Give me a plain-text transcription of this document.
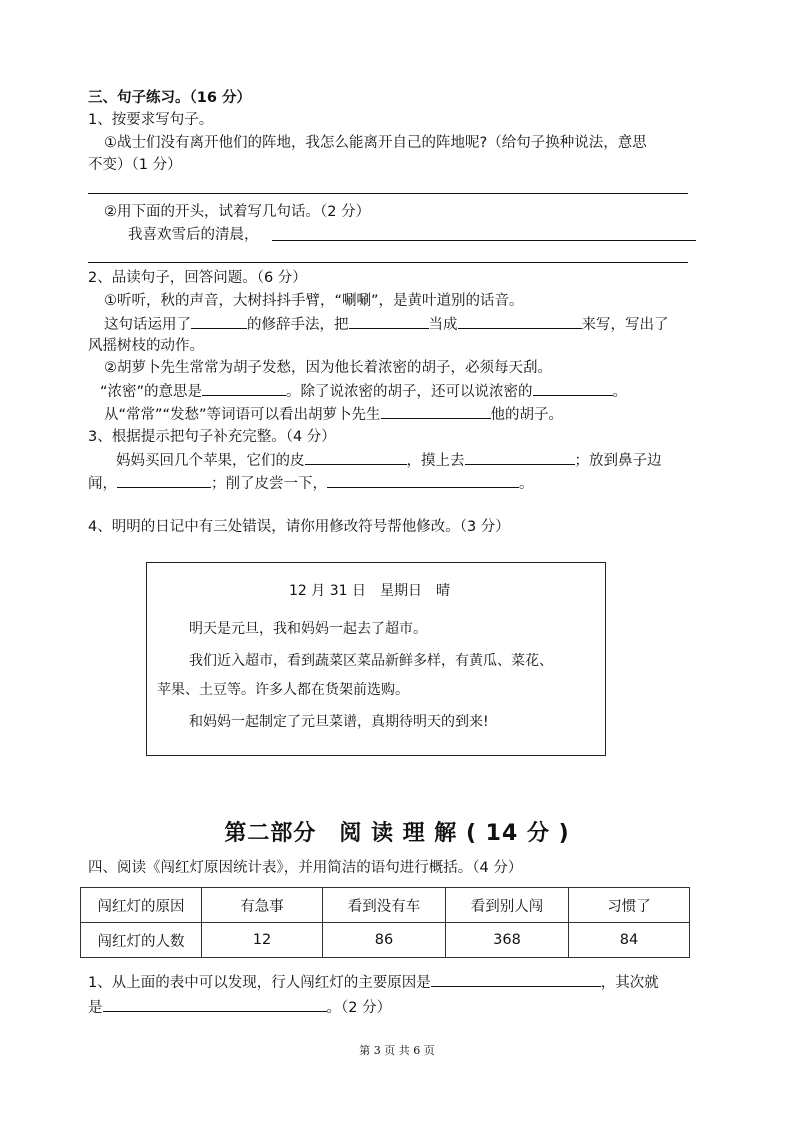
三、句子练习。（16 分）
1、按要求写句子。
①战士们没有离开他们的阵地，我怎么能离开自己的阵地呢?（给句子换种说法，意思
不变）（1 分）
②用下面的开头，试着写几句话。（2 分）
我喜欢雪后的清晨，
2、品读句子，回答问题。（6 分）
①听听，秋的声音，大树抖抖手臂，“唰唰”，是黄叶道别的话音。
这句话运用了	的修辞手法，把	当成	来写，写出了
风摇树枝的动作。
②胡萝卜先生常常为胡子发愁，因为他长着浓密的胡子，必须每天刮。
“浓密”的意思是	。除了说浓密的胡子，还可以说浓密的	。
从“常常”“发愁”等词语可以看出胡萝卜先生	他的胡子。
3、根据提示把句子补充完整。（4 分）
妈妈买回几个苹果，它们的皮	，摸上去	；放到鼻子边
闻，	；削了皮尝一下，	。
4、明明的日记中有三处错误，请你用修改符号帮他修改。（3 分）
12 月 31 日　星期日　晴
明天是元旦，我和妈妈一起去了超市。
我们近入超市，看到蔬菜区菜品新鲜多样，有黄瓜、菜花、
苹果、土豆等。许多人都在货架前选购。
和妈妈一起制定了元旦菜谱，真期待明天的到来!
第二部分　阅 读 理 解 ( 14 分 )
四、阅读《闯红灯原因统计表》，并用简洁的语句进行概括。（4 分）
闯红灯的原因	有急事	看到没有车	看到别人闯	习惯了
闯红灯的人数	12	86	368	84
1、从上面的表中可以发现，行人闯红灯的主要原因是	，其次就
是	。（2 分）
第 3 页 共 6 页
